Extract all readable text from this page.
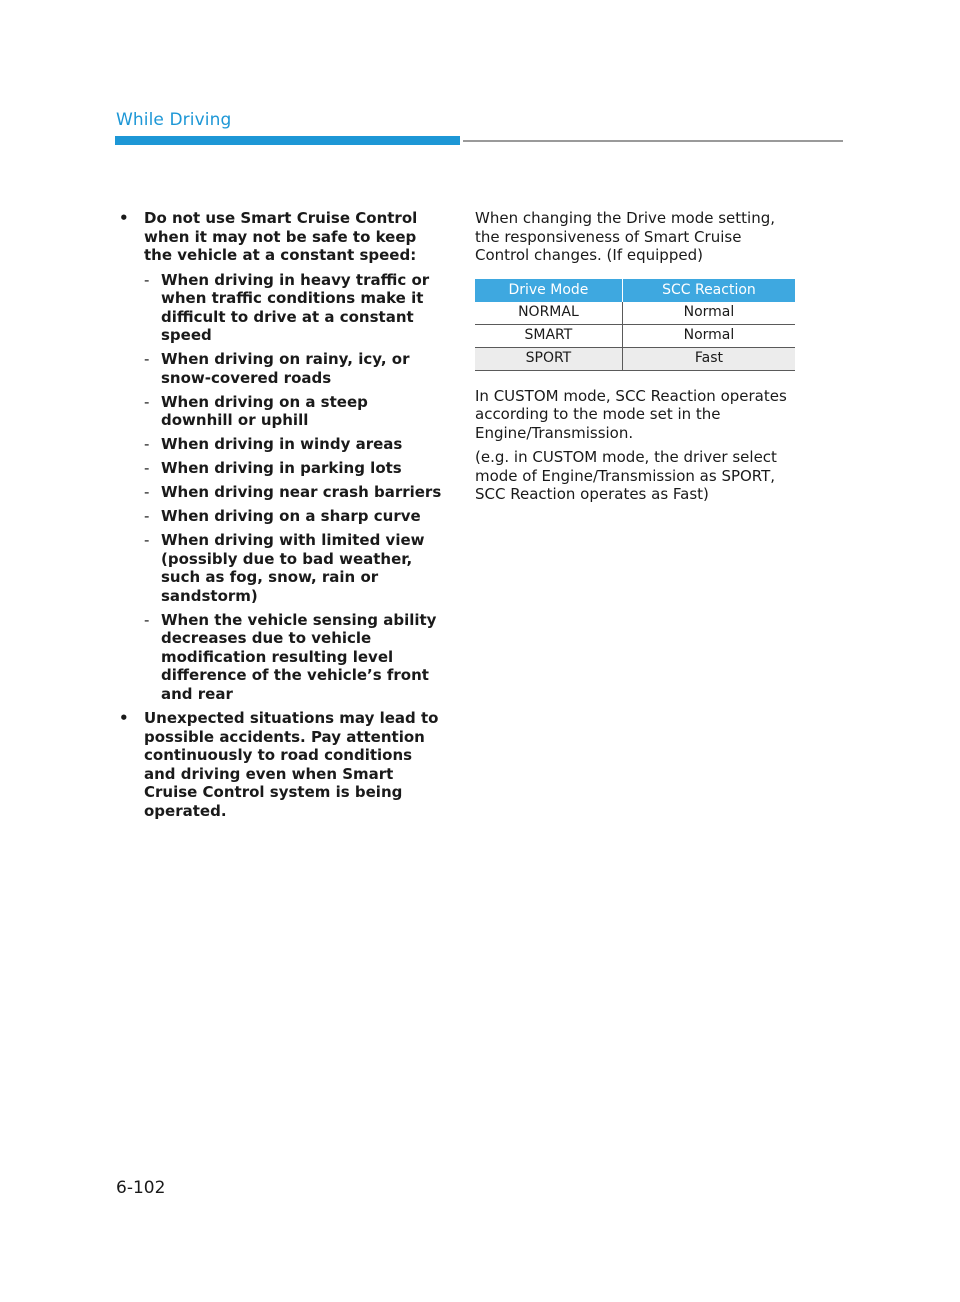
While Driving
• Do not use Smart Cruise Control when it may not be safe to keep the vehicle at a constant speed:
- When driving in heavy traffic or when traffic conditions make it difficult to drive at a constant speed
- When driving on rainy, icy, or snow-covered roads
- When driving on a steep downhill or uphill
- When driving in windy areas
- When driving in parking lots
- When driving near crash barriers
- When driving on a sharp curve
- When driving with limited view (possibly due to bad weather, such as fog, snow, rain or sandstorm)
- When the vehicle sensing ability decreases due to vehicle modification resulting level difference of the vehicle’s front and rear
• Unexpected situations may lead to possible accidents. Pay attention continuously to road conditions and driving even when Smart Cruise Control system is being operated.

When changing the Drive mode setting, the responsiveness of Smart Cruise Control changes. (If equipped)

Drive Mode	SCC Reaction
NORMAL	Normal
SMART	Normal
SPORT	Fast

In CUSTOM mode, SCC Reaction operates according to the mode set in the Engine/Transmission.

(e.g. in CUSTOM mode, the driver select mode of Engine/Transmission as SPORT, SCC Reaction operates as Fast)

6-102
